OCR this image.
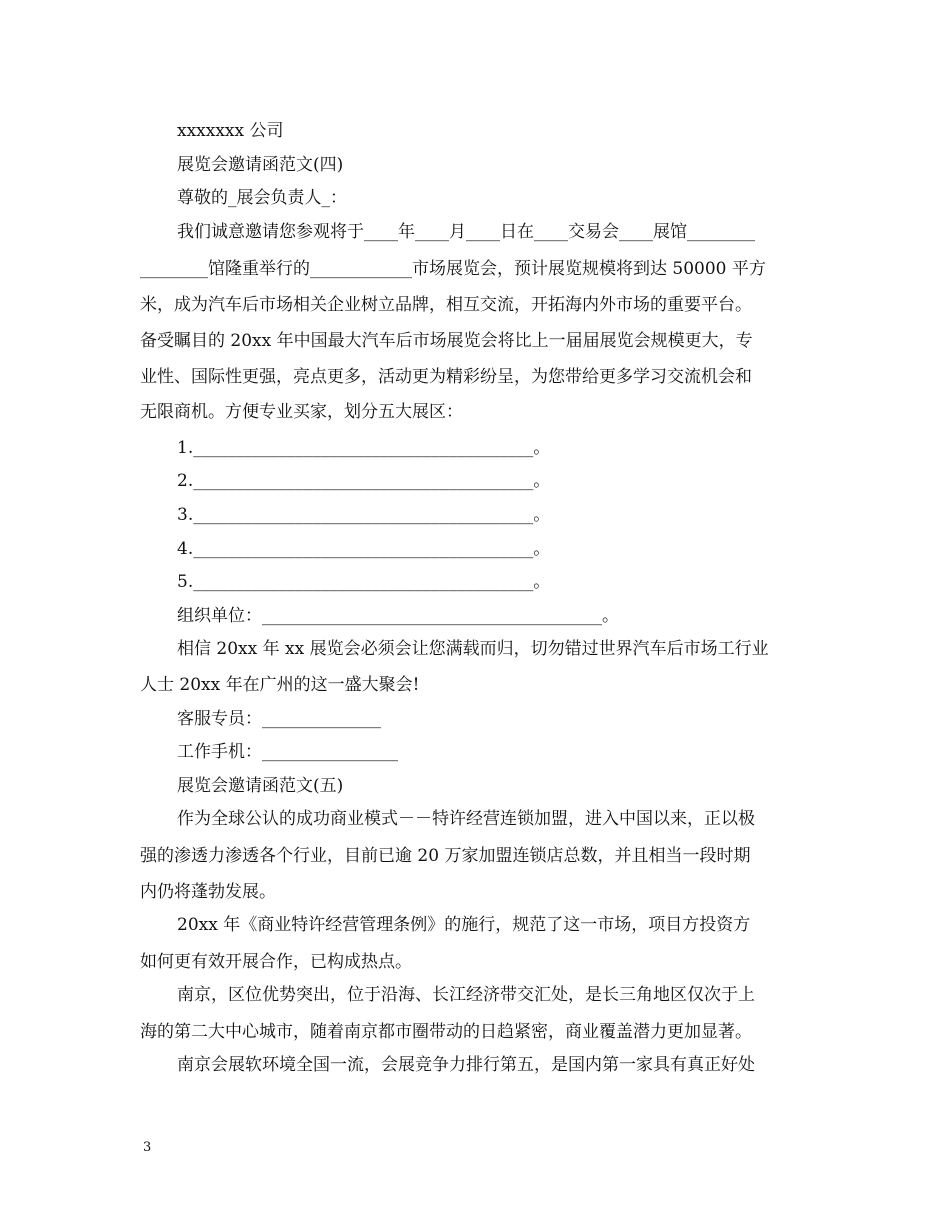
xxxxxxx 公司
展览会邀请函范文(四)
尊敬的_展会负责人_：
我们诚意邀请您参观将于____年____月____日在____交易会____展馆________
________馆隆重举行的____________市场展览会，预计展览规模将到达 50000 平方
米，成为汽车后市场相关企业树立品牌，相互交流，开拓海内外市场的重要平台。
备受瞩目的 20xx 年中国最大汽车后市场展览会将比上一届届展览会规模更大，专
业性、国际性更强，亮点更多，活动更为精彩纷呈，为您带给更多学习交流机会和
无限商机。方便专业买家，划分五大展区：
1.________________________________________。
2.________________________________________。
3.________________________________________。
4.________________________________________。
5.________________________________________。
组织单位：________________________________________。
相信 20xx 年 xx 展览会必须会让您满载而归，切勿错过世界汽车后市场工行业
人士 20xx 年在广州的这一盛大聚会!
客服专员：______________
工作手机：________________
展览会邀请函范文(五)
作为全球公认的成功商业模式－－特许经营连锁加盟，进入中国以来，正以极
强的渗透力渗透各个行业，目前已逾 20 万家加盟连锁店总数，并且相当一段时期
内仍将蓬勃发展。
20xx 年《商业特许经营管理条例》的施行，规范了这一市场，项目方投资方
如何更有效开展合作，已构成热点。
南京，区位优势突出，位于沿海、长江经济带交汇处，是长三角地区仅次于上
海的第二大中心城市，随着南京都市圈带动的日趋紧密，商业覆盖潜力更加显著。
南京会展软环境全国一流，会展竞争力排行第五，是国内第一家具有真正好处
3
